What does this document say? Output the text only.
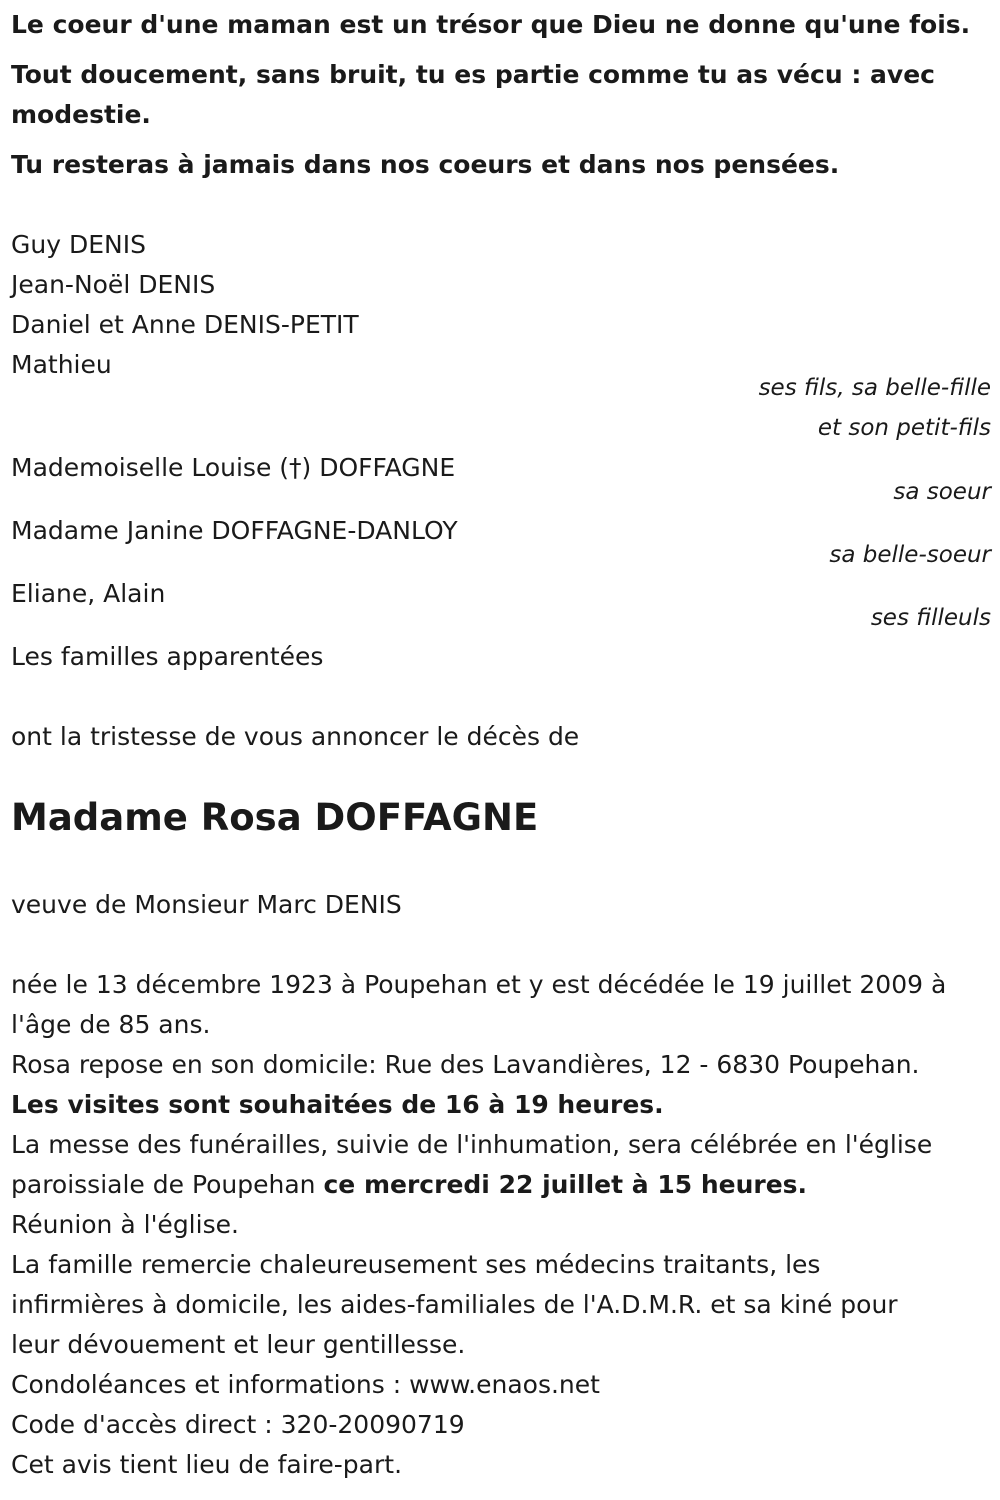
Le coeur d'une maman est un trésor que Dieu ne donne qu'une fois.
Tout doucement, sans bruit, tu es partie comme tu as vécu : avec
modestie.
Tu resteras à jamais dans nos coeurs et dans nos pensées.
Guy DENIS
Jean-Noël DENIS
Daniel et Anne DENIS-PETIT
Mathieu
ses fils, sa belle-fille
et son petit-fils
Mademoiselle Louise (†) DOFFAGNE
sa soeur
Madame Janine DOFFAGNE-DANLOY
sa belle-soeur
Eliane, Alain
ses filleuls
Les familles apparentées
ont la tristesse de vous annoncer le décès de
Madame Rosa DOFFAGNE
veuve de Monsieur Marc DENIS
née le 13 décembre 1923 à Poupehan et y est décédée le 19 juillet 2009 à
l'âge de 85 ans.
Rosa repose en son domicile: Rue des Lavandières, 12 - 6830 Poupehan.
Les visites sont souhaitées de 16 à 19 heures.
La messe des funérailles, suivie de l'inhumation, sera célébrée en l'église
paroissiale de Poupehan ce mercredi 22 juillet à 15 heures.
Réunion à l'église.
La famille remercie chaleureusement ses médecins traitants, les
infirmières à domicile, les aides-familiales de l'A.D.M.R. et sa kiné pour
leur dévouement et leur gentillesse.
Condoléances et informations : www.enaos.net
Code d'accès direct : 320-20090719
Cet avis tient lieu de faire-part.
